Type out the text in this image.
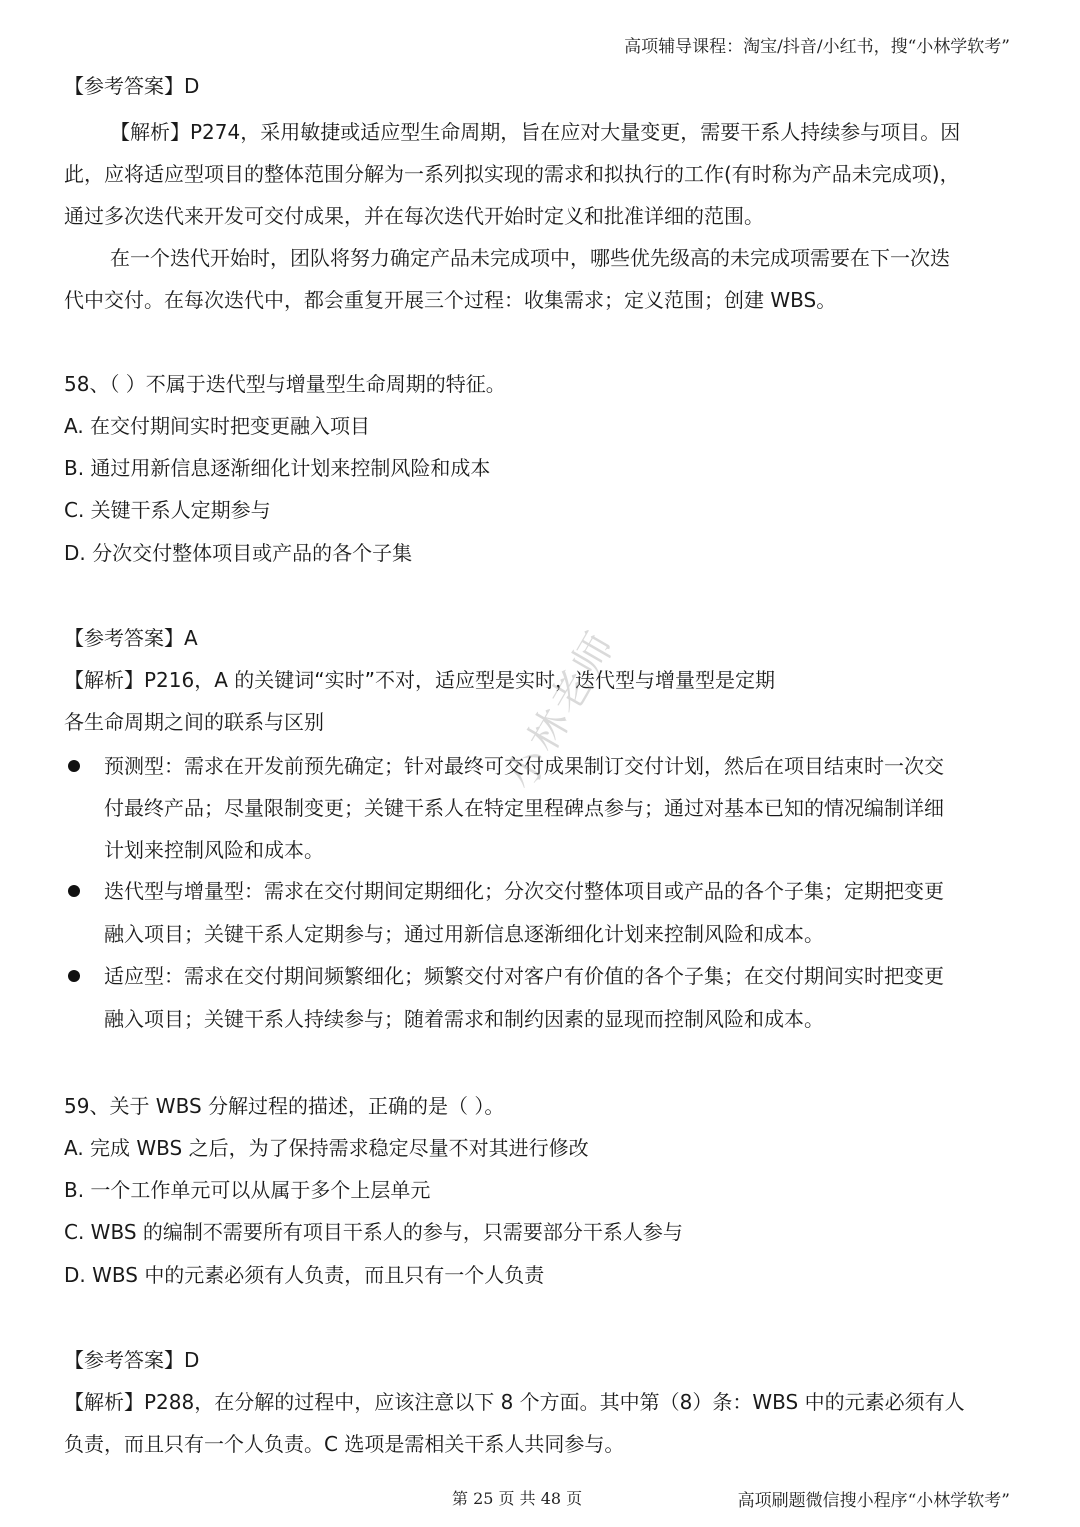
高项辅导课程：淘宝/抖音/小红书，搜“小林学软考”
【参考答案】D
【解析】P274，采用敏捷或适应型生命周期，旨在应对大量变更，需要干系人持续参与项目。因
此，应将适应型项目的整体范围分解为一系列拟实现的需求和拟执行的工作(有时称为产品未完成项)，
通过多次迭代来开发可交付成果，并在每次迭代开始时定义和批准详细的范围。
在一个迭代开始时，团队将努力确定产品未完成项中，哪些优先级高的未完成项需要在下一次迭
代中交付。在每次迭代中，都会重复开展三个过程：收集需求；定义范围；创建 WBS。
58、（ ）不属于迭代型与增量型生命周期的特征。
A. 在交付期间实时把变更融入项目
B. 通过用新信息逐渐细化计划来控制风险和成本
C. 关键干系人定期参与
D. 分次交付整体项目或产品的各个子集
【参考答案】A
【解析】P216，A 的关键词“实时”不对，适应型是实时，迭代型与增量型是定期
各生命周期之间的联系与区别
预测型：需求在开发前预先确定；针对最终可交付成果制订交付计划，然后在项目结束时一次交
付最终产品；尽量限制变更；关键干系人在特定里程碑点参与；通过对基本已知的情况编制详细
计划来控制风险和成本。
迭代型与增量型：需求在交付期间定期细化；分次交付整体项目或产品的各个子集；定期把变更
融入项目；关键干系人定期参与；通过用新信息逐渐细化计划来控制风险和成本。
适应型：需求在交付期间频繁细化；频繁交付对客户有价值的各个子集；在交付期间实时把变更
融入项目；关键干系人持续参与；随着需求和制约因素的显现而控制风险和成本。
59、关于 WBS 分解过程的描述，正确的是（ ）。
A. 完成 WBS 之后，为了保持需求稳定尽量不对其进行修改
B. 一个工作单元可以从属于多个上层单元
C. WBS 的编制不需要所有项目干系人的参与，只需要部分干系人参与
D. WBS 中的元素必须有人负责，而且只有一个人负责
【参考答案】D
【解析】P288，在分解的过程中，应该注意以下 8 个方面。其中第（8）条：WBS 中的元素必须有人
负责，而且只有一个人负责。C 选项是需相关干系人共同参与。
小林老师
第 25 页 共 48 页	高项刷题微信搜小程序“小林学软考”
